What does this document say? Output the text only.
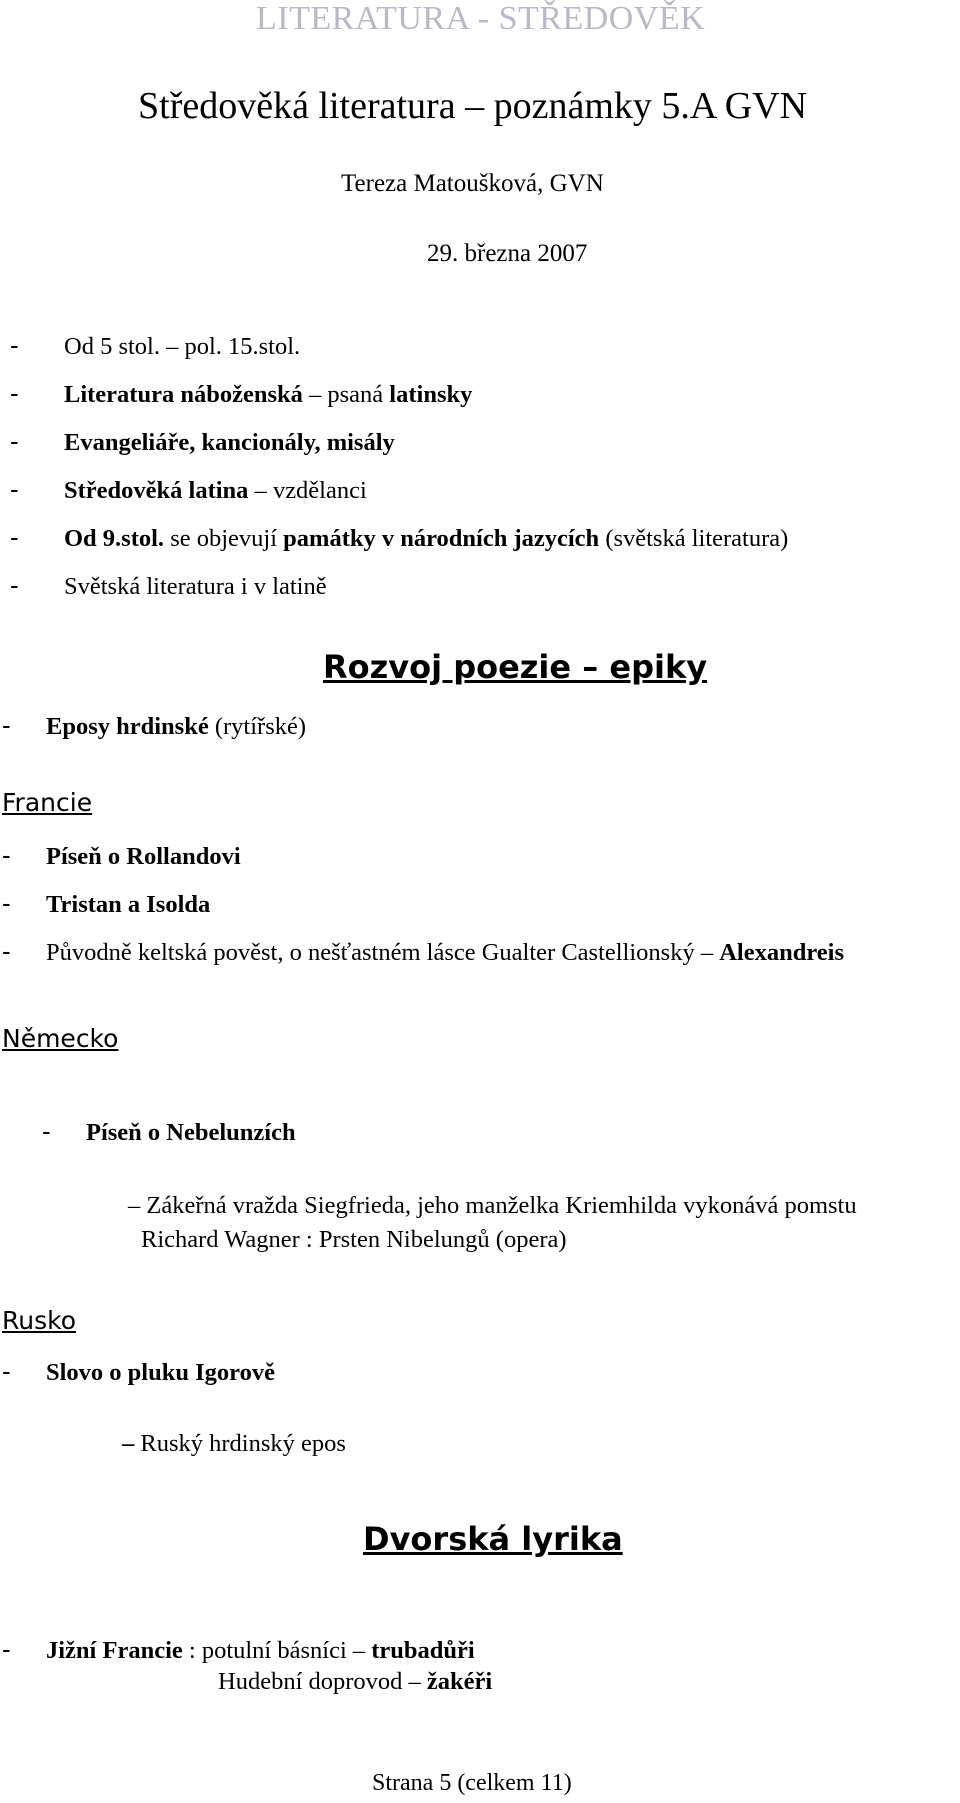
LITERATURA - STŘEDOVĚK
Středověká literatura – poznámky 5.A GVN
Tereza Matoušková, GVN
29. března 2007
- Od 5 stol. – pol. 15.stol.
- Literatura náboženská – psaná latinsky
- Evangeliáře, kancionály, misály
- Středověká latina – vzdělanci
- Od 9.stol. se objevují památky v národních jazycích (světská literatura)
- Světská literatura i v latině
Rozvoj poezie – epiky
- Eposy hrdinské (rytířské)
Francie
- Píseň o Rollandovi
- Tristan a Isolda
- Původně keltská pověst, o nešťastném lásce Gualter Castellionský – Alexandreis
Německo
- Píseň o Nebelunzích
– Zákeřná vražda Siegfrieda, jeho manželka Kriemhilda vykonává pomstu
Richard Wagner : Prsten Nibelungů (opera)
Rusko
- Slovo o pluku Igorově
– Ruský hrdinský epos
Dvorská lyrika
- Jižní Francie : potulní básníci – trubadůři
Hudební doprovod – žakéři
Strana 5 (celkem 11)
